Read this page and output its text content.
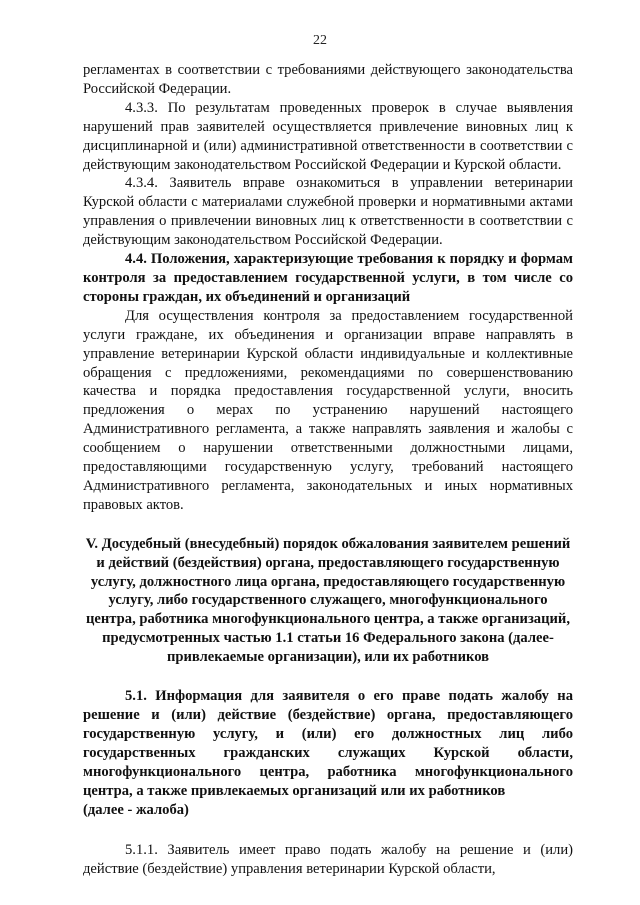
22

регламентах в соответствии с требованиями действующего законодательства Российской Федерации.

4.3.3. По результатам проведенных проверок в случае выявления нарушений прав заявителей осуществляется привлечение виновных лиц к дисциплинарной и (или) административной ответственности в соответствии с действующим законодательством Российской Федерации и Курской области.

4.3.4. Заявитель вправе ознакомиться в управлении ветеринарии Курской области с материалами служебной проверки и нормативными актами управления о привлечении виновных лиц к ответственности в соответствии с действующим законодательством Российской Федерации.

4.4. Положения, характеризующие требования к порядку и формам контроля за предоставлением государственной услуги, в том числе со стороны граждан, их объединений и организаций

Для осуществления контроля за предоставлением государственной услуги граждане, их объединения и организации вправе направлять в управление ветеринарии Курской области индивидуальные и коллективные обращения с предложениями, рекомендациями по совершенствованию качества и порядка предоставления государственной услуги, вносить предложения о мерах по устранению нарушений настоящего Административного регламента, а также направлять заявления и жалобы с сообщением о нарушении ответственными должностными лицами, предоставляющими государственную услугу, требований настоящего Административного регламента, законодательных и иных нормативных правовых актов.

V. Досудебный (внесудебный) порядок обжалования заявителем решений и действий (бездействия) органа, предоставляющего государственную услугу, должностного лица органа, предоставляющего государственную услугу, либо государственного служащего, многофункционального центра, работника многофункционального центра, а также организаций, предусмотренных частью 1.1 статьи 16 Федерального закона (далее- привлекаемые организации), или их работников

5.1. Информация для заявителя о его праве подать жалобу на решение и (или) действие (бездействие) органа, предоставляющего государственную услугу, и (или) его должностных лиц либо государственных гражданских служащих Курской области, многофункционального центра, работника многофункционального центра, а также привлекаемых организаций или их работников

(далее - жалоба)

5.1.1. Заявитель имеет право подать жалобу на решение и (или) действие (бездействие) управления ветеринарии Курской области,
